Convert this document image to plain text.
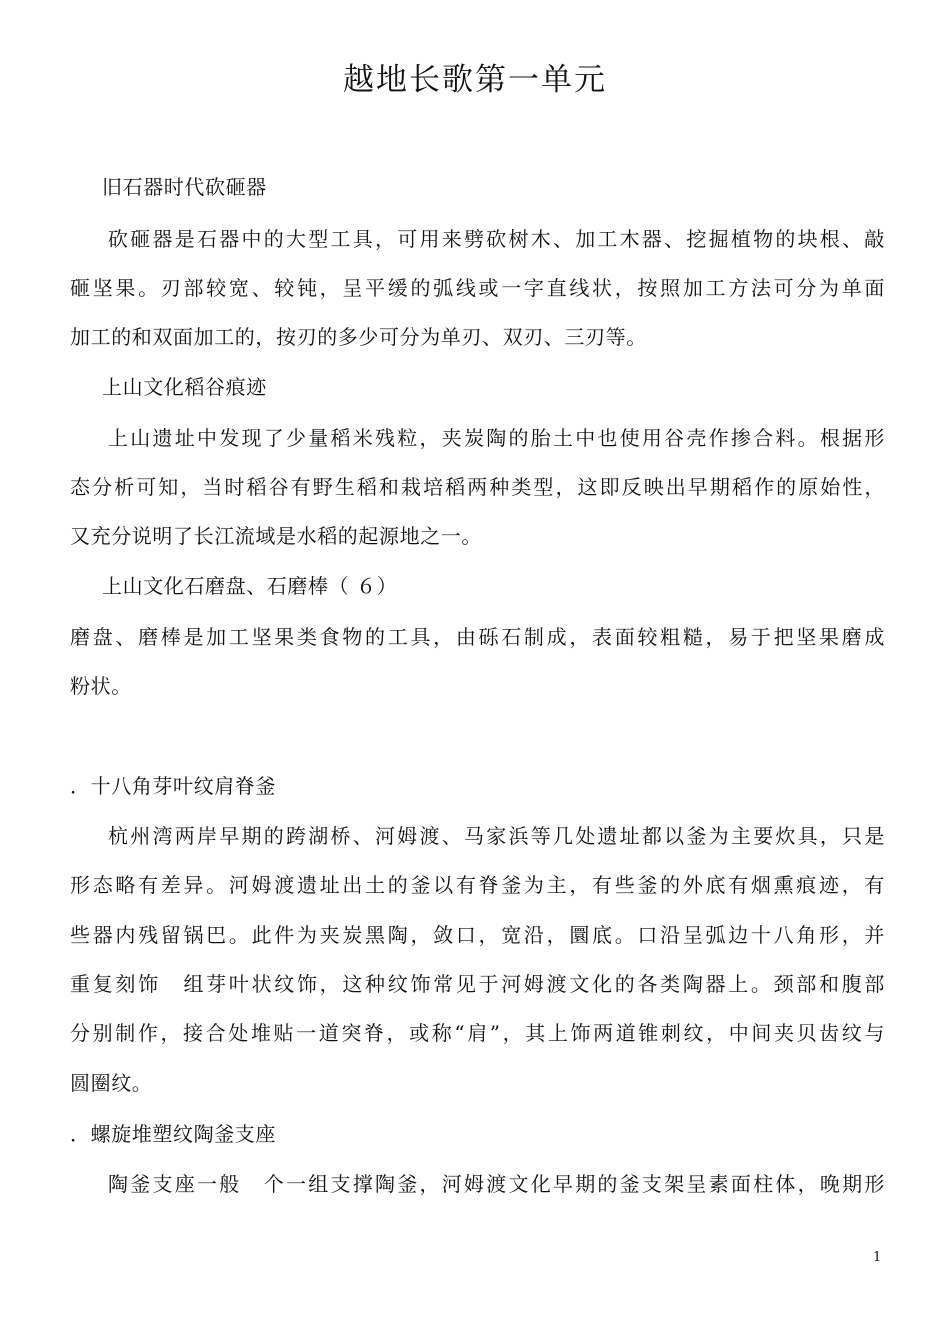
越地长歌第一单元
旧石器时代砍砸器
砍砸器是石器中的大型工具，可用来劈砍树木、加工木器、挖掘植物的块根、敲
砸坚果。刃部较宽、较钝，呈平缓的弧线或一字直线状，按照加工方法可分为单面
加工的和双面加工的，按刃的多少可分为单刃、双刃、三刃等。
上山文化稻谷痕迹
上山遗址中发现了少量稻米残粒，夹炭陶的胎土中也使用谷壳作掺合料。根据形
态分析可知，当时稻谷有野生稻和栽培稻两种类型，这即反映出早期稻作的原始性，
又充分说明了长江流域是水稻的起源地之一。
上山文化石磨盘、石磨棒（ ６）
磨盘、磨棒是加工坚果类食物的工具，由砾石制成，表面较粗糙，易于把坚果磨成
粉状。
．十八角芽叶纹肩脊釜
杭州湾两岸早期的跨湖桥、河姆渡、马家浜等几处遗址都以釜为主要炊具，只是
形态略有差异。河姆渡遗址出土的釜以有脊釜为主，有些釜的外底有烟熏痕迹，有
些器内残留锅巴。此件为夹炭黑陶，敛口，宽沿，圜底。口沿呈弧边十八角形，并
重复刻饰　组芽叶状纹饰，这种纹饰常见于河姆渡文化的各类陶器上。颈部和腹部
分别制作，接合处堆贴一道突脊，或称“肩”，其上饰两道锥刺纹，中间夹贝齿纹与
圆圈纹。
．螺旋堆塑纹陶釜支座
陶釜支座一般　个一组支撑陶釜，河姆渡文化早期的釜支架呈素面柱体，晚期形
1
